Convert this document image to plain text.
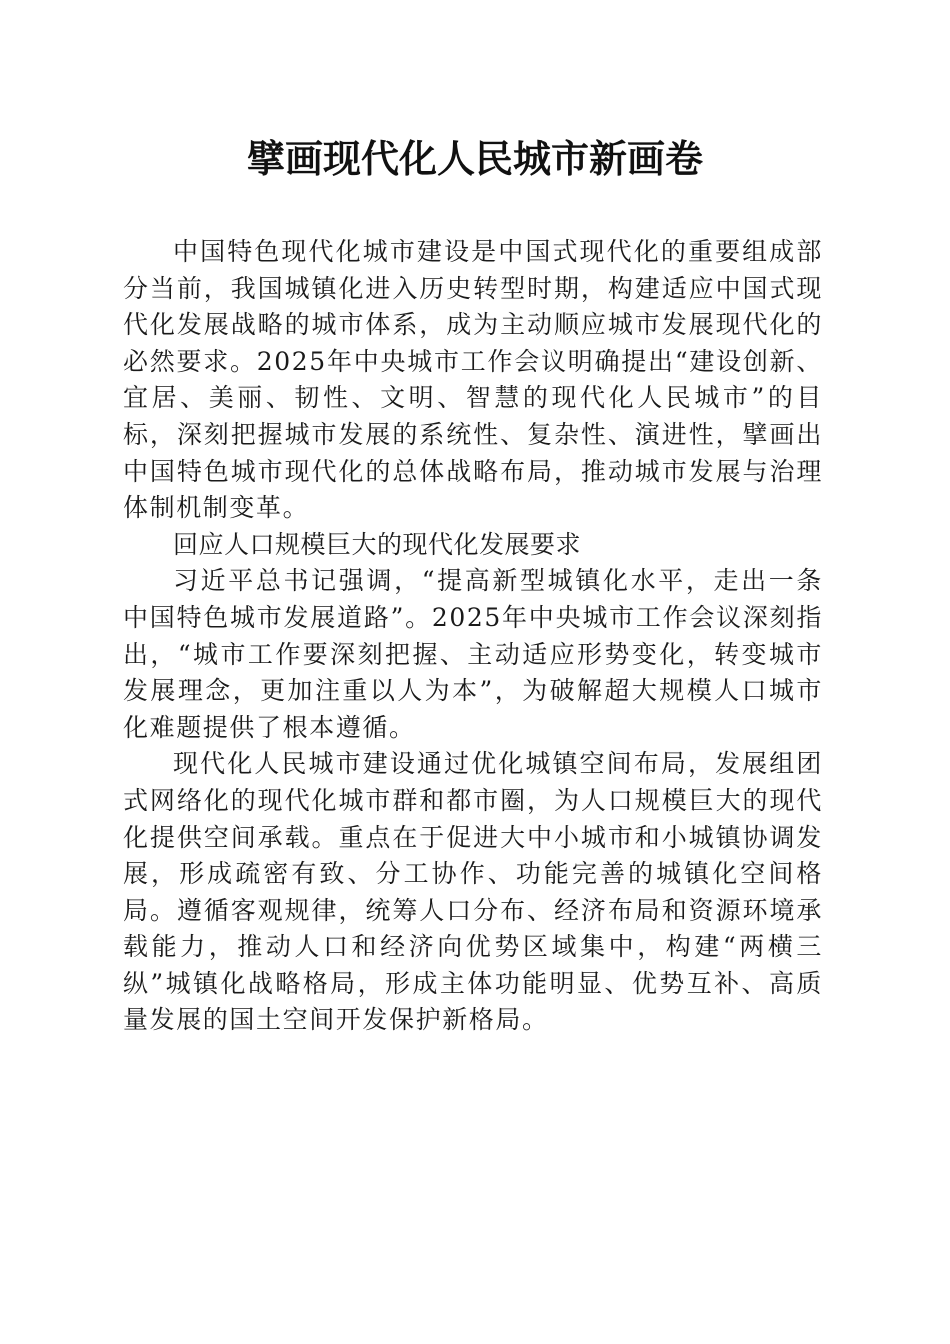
擘画现代化人民城市新画卷

中国特色现代化城市建设是中国式现代化的重要组成部分当前，我国城镇化进入历史转型时期，构建适应中国式现代化发展战略的城市体系，成为主动顺应城市发展现代化的必然要求。2025年中央城市工作会议明确提出“建设创新、宜居、美丽、韧性、文明、智慧的现代化人民城市”的目标，深刻把握城市发展的系统性、复杂性、演进性，擘画出中国特色城市现代化的总体战略布局，推动城市发展与治理体制机制变革。

回应人口规模巨大的现代化发展要求

习近平总书记强调，“提高新型城镇化水平，走出一条中国特色城市发展道路”。2025年中央城市工作会议深刻指出，“城市工作要深刻把握、主动适应形势变化，转变城市发展理念，更加注重以人为本”，为破解超大规模人口城市化难题提供了根本遵循。

现代化人民城市建设通过优化城镇空间布局，发展组团式网络化的现代化城市群和都市圈，为人口规模巨大的现代化提供空间承载。重点在于促进大中小城市和小城镇协调发展，形成疏密有致、分工协作、功能完善的城镇化空间格局。遵循客观规律，统筹人口分布、经济布局和资源环境承载能力，推动人口和经济向优势区域集中，构建“两横三纵”城镇化战略格局，形成主体功能明显、优势互补、高质量发展的国土空间开发保护新格局。
